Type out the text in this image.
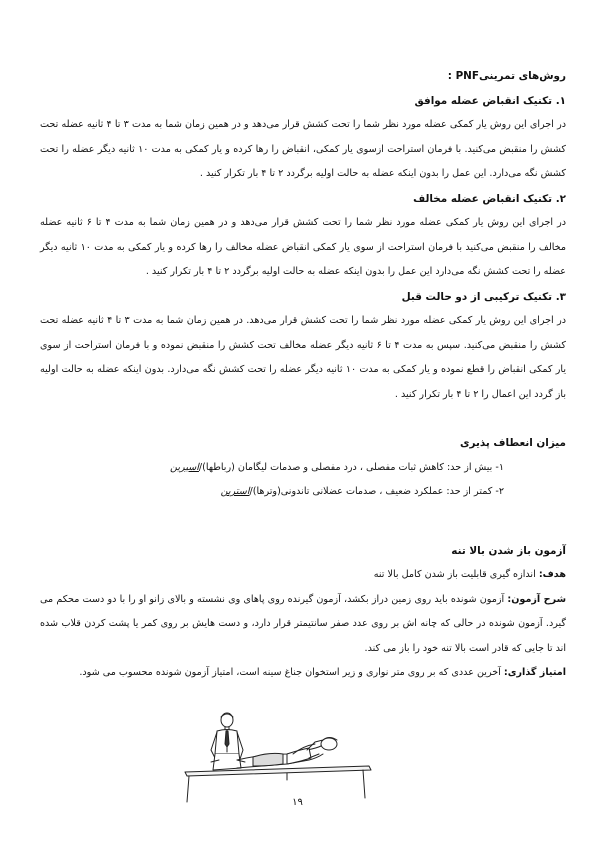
روش‌های تمرینیPNF :

۱. تکنیک انقباض عضله موافق

در اجرای این روش یار کمکی عضله مورد نظر شما را تحت کشش قرار می‌دهد و در همین زمان شما به مدت ۳ تا ۴ ثانیه عضله تحت کشش را منقبض می‌کنید. با فرمان استراحت ازسوی یار کمکی، انقباض را رها کرده و یار کمکی به مدت ۱۰ ثانیه دیگر عضله را تحت کشش نگه می‌دارد. این عمل را بدون اینکه عضله به حالت اولیه برگردد ۲ تا ۴ بار تکرار کنید .

۲. تکنیک انقباض عضله مخالف

در اجرای این روش یار کمکی عضله مورد نظر شما را تحت کشش قرار می‌دهد و در همین زمان شما به مدت ۴ تا ۶ ثانیه عضله مخالف را منقبض می‌کنید با فرمان استراحت از سوی یار کمکی انقباض عضله مخالف را رها کرده و یار کمکی به مدت ۱۰ ثانیه دیگر عضله را تحت کشش نگه می‌دارد این عمل را بدون اینکه عضله به حالت اولیه برگردد ۲ تا ۴ بار تکرار کنید .

۳. تکنیک ترکیبی از دو حالت قبل

در اجرای این روش یار کمکی عضله مورد نظر شما را تحت کشش قرار می‌دهد. در همین زمان شما به مدت ۳ تا ۴ ثانیه عضله تحت کشش را منقبض می‌کنید. سپس به مدت ۴ تا ۶ ثانیه دیگر عضله مخالف تحت کشش را منقبض نموده و با فرمان استراحت از سوی یار کمکی انقباض را قطع نموده و یار کمکی به مدت ۱۰ ثانیه دیگر عضله را تحت کشش نگه می‌دارد. بدون اینکه عضله به حالت اولیه باز گردد این اعمال را ۲ تا ۴ بار تکرار کنید .

میزان انعطاف پذیری

۱- بیش از حد: کاهش ثبات مفصلی ، درد مفصلی و صدمات لیگامان (رباطها)/اسیرین

۲- کمتر از حد: عملکرد ضعیف ، صدمات عضلانی تاندونی(وترها)/استرین

آزمون باز شدن بالا تنه

هدف: اندازه گیری قابلیت باز شدن کامل بالا تنه

شرح آزمون: آزمون شونده باید روی زمین دراز بکشد، آزمون گیرنده روی پاهای وی نشسته و بالای زانو او را با دو دست محکم می گیرد. آزمون شونده در حالی که چانه اش بر روی عدد صفر سانتیمتر قرار دارد، و دست هایش بر روی کمر یا پشت کردن قلاب شده اند تا جایی که قادر است بالا تنه خود را باز می کند.

امتیاز گذاری: آخرین عددی که بر روی متر نواری و زیر استخوان جناغ سینه است، امتیاز آزمون شونده محسوب می شود.

۱۹
